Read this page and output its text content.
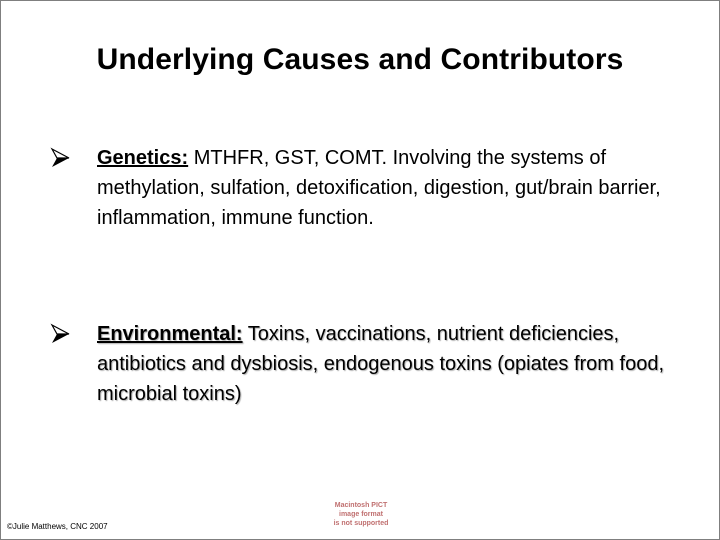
Underlying Causes and Contributors
Genetics: MTHFR, GST, COMT. Involving the systems of methylation, sulfation, detoxification, digestion, gut/brain barrier, inflammation, immune function.
Environmental: Toxins, vaccinations, nutrient deficiencies, antibiotics and dysbiosis, endogenous toxins (opiates from food, microbial toxins)
Macintosh PICT
image format
is not supported
©Julie Matthews, CNC 2007
